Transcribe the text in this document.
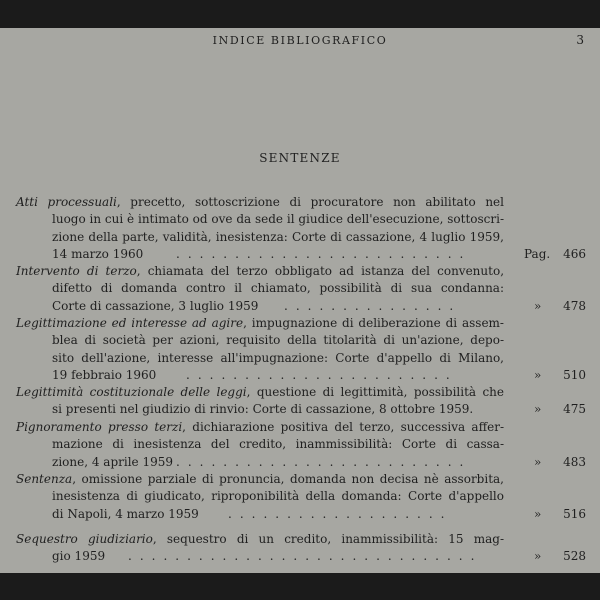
INDICE BIBLIOGRAFICO	3
SENTENZE
Atti processuali, precetto, sottoscrizione di procuratore non abilitato nel
luogo in cui è intimato od ove da sede il giudice dell'esecuzione, sottoscri-
zione della parte, validità, inesistenza: Corte di cassazione, 4 luglio 1959,
14 marzo 1960	.........................	Pag. 466
Intervento di terzo, chiamata del terzo obbligato ad istanza del convenuto,
difetto di domanda contro il chiamato, possibilità di sua condanna:
Corte di cassazione, 3 luglio 1959 ...............	» 478
Legittimazione ed interesse ad agire, impugnazione di deliberazione di assem-
blea di società per azioni, requisito della titolarità di un'azione, depo-
sito dell'azione, interesse all'impugnazione: Corte d'appello di Milano,
19 febbraio 1960 .......................	» 510
Legittimità costituzionale delle leggi, questione di legittimità, possibilità che
si presenti nel giudizio di rinvio: Corte di cassazione, 8 ottobre 1959.	» 475
Pignoramento presso terzi, dichiarazione positiva del terzo, successiva affer-
mazione di inesistenza del credito, inammissibilità: Corte di cassa-
zione, 4 aprile 1959 .........................	» 483
Sentenza, omissione parziale di pronuncia, domanda non decisa nè assorbita,
inesistenza di giudicato, riproponibilità della domanda: Corte d'appello
di Napoli, 4 marzo 1959 ...................	» 516
Sequestro giudiziario, sequestro di un credito, inammissibilità: 15 mag-
gio 1959 ..............................	» 528
